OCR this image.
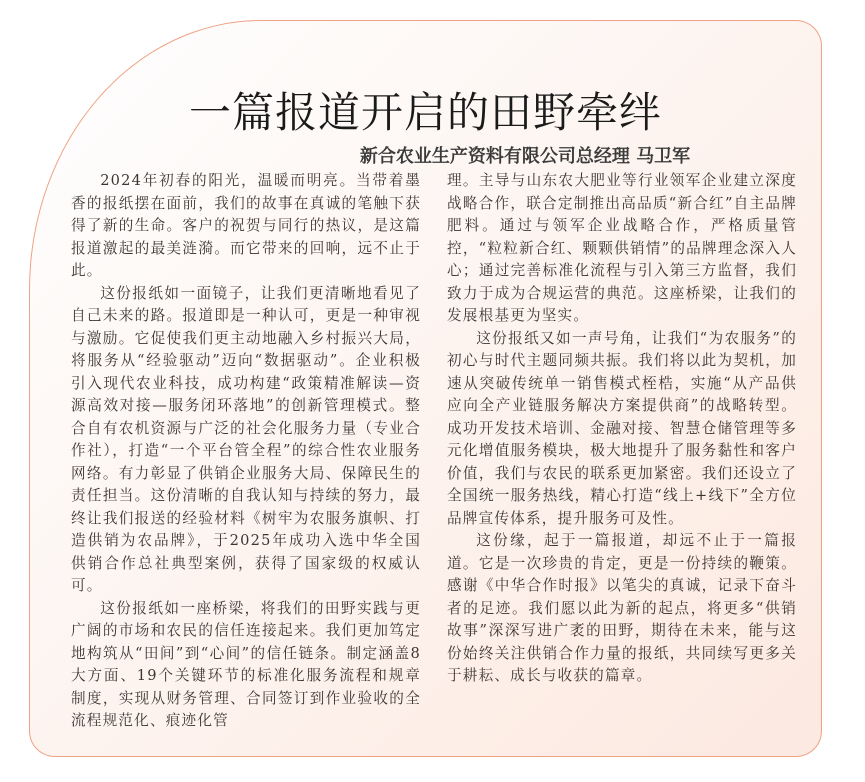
一篇报道开启的田野牵绊

新合农业生产资料有限公司总经理 马卫军

2024年初春的阳光，温暖而明亮。当带着墨香的报纸摆在面前，我们的故事在真诚的笔触下获得了新的生命。客户的祝贺与同行的热议，是这篇报道激起的最美涟漪。而它带来的回响，远不止于此。

这份报纸如一面镜子，让我们更清晰地看见了自己未来的路。报道即是一种认可，更是一种审视与激励。它促使我们更主动地融入乡村振兴大局，将服务从“经验驱动”迈向“数据驱动”。企业积极引入现代农业科技，成功构建“政策精准解读—资源高效对接—服务闭环落地”的创新管理模式。整合自有农机资源与广泛的社会化服务力量（专业合作社），打造“一个平台管全程”的综合性农业服务网络。有力彰显了供销企业服务大局、保障民生的责任担当。这份清晰的自我认知与持续的努力，最终让我们报送的经验材料《树牢为农服务旗帜、打造供销为农品牌》，于2025年成功入选中华全国供销合作总社典型案例，获得了国家级的权威认可。

这份报纸如一座桥梁，将我们的田野实践与更广阔的市场和农民的信任连接起来。我们更加笃定地构筑从“田间”到“心间”的信任链条。制定涵盖8大方面、19个关键环节的标准化服务流程和规章制度，实现从财务管理、合同签订到作业验收的全流程规范化、痕迹化管

理。主导与山东农大肥业等行业领军企业建立深度战略合作，联合定制推出高品质“新合红”自主品牌肥料。通过与领军企业战略合作，严格质量管控，“粒粒新合红、颗颗供销情”的品牌理念深入人心；通过完善标准化流程与引入第三方监督，我们致力于成为合规运营的典范。这座桥梁，让我们的发展根基更为坚实。

这份报纸又如一声号角，让我们“为农服务”的初心与时代主题同频共振。我们将以此为契机，加速从突破传统单一销售模式桎梏，实施“从产品供应向全产业链服务解决方案提供商”的战略转型。成功开发技术培训、金融对接、智慧仓储管理等多元化增值服务模块，极大地提升了服务黏性和客户价值，我们与农民的联系更加紧密。我们还设立了全国统一服务热线，精心打造“线上+线下”全方位品牌宣传体系，提升服务可及性。

这份缘，起于一篇报道，却远不止于一篇报道。它是一次珍贵的肯定，更是一份持续的鞭策。感谢《中华合作时报》以笔尖的真诚，记录下奋斗者的足迹。我们愿以此为新的起点，将更多“供销故事”深深写进广袤的田野，期待在未来，能与这份始终关注供销合作力量的报纸，共同续写更多关于耕耘、成长与收获的篇章。
